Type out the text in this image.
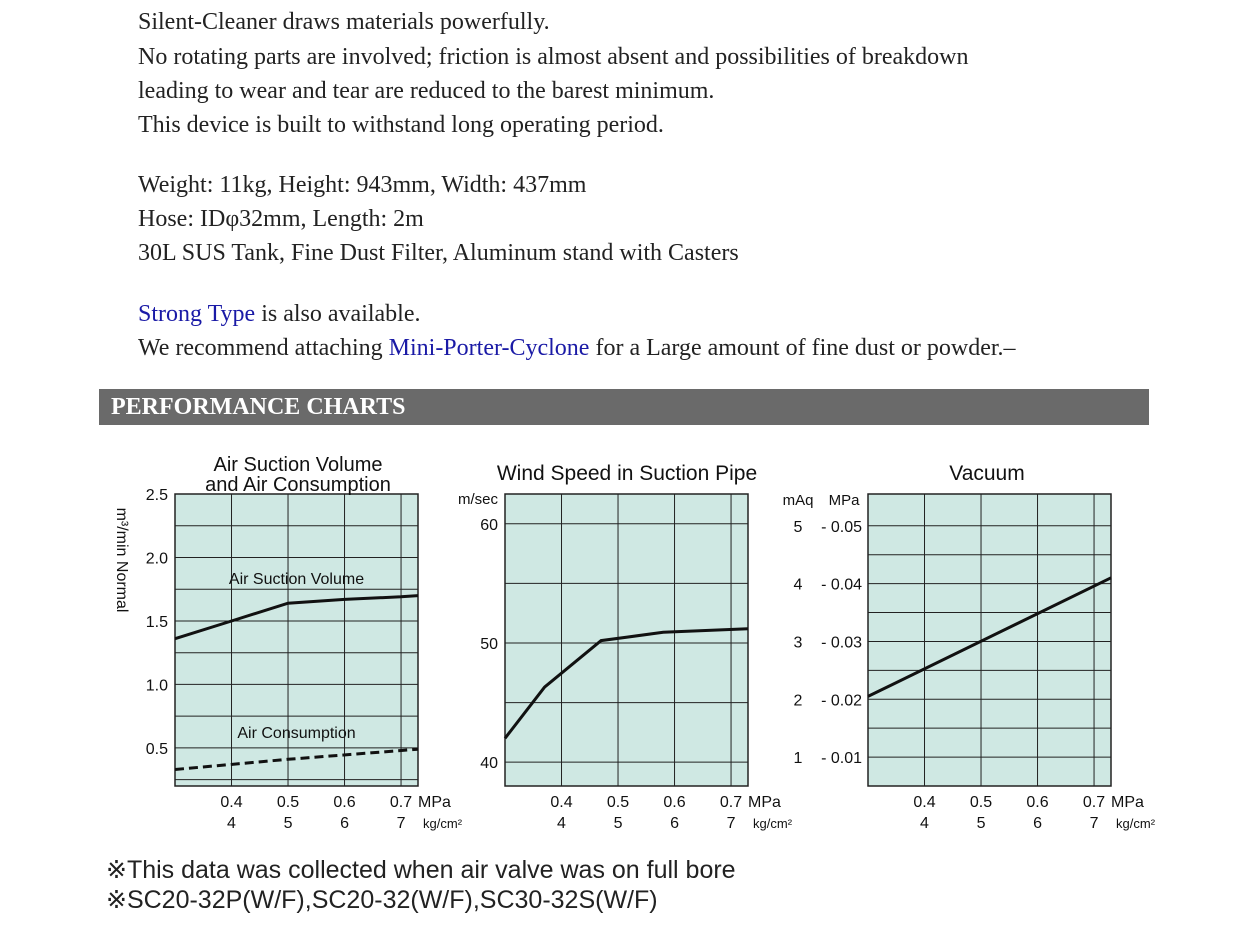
Silent-Cleaner draws materials powerfully.
No rotating parts are involved; friction is almost absent and possibilities of breakdown
leading to wear and tear are reduced to the barest minimum.
This device is built to withstand long operating period.
Weight: 11kg, Height: 943mm, Width: 437mm
Hose: IDφ32mm, Length: 2m
30L SUS Tank, Fine Dust Filter, Aluminum stand with Casters
Strong Type is also available.
We recommend attaching Mini-Porter-Cyclone for a Large amount of fine dust or powder.–
PERFORMANCE CHARTS
0.4
4
0.5
5
0.6
6
0.7
7
MPa
kg/cm²
2.5
2.0
1.5
1.0
0.5
Air Suction Volume
and Air Consumption
m³/min Normal	Air Suction Volume
Air Consumption
0.4
4
0.5
5
0.6
6
0.7
7
MPa
kg/cm²
60
50
40
Wind Speed in Suction Pipe
m/sec
0.4
4
0.5
5
0.6
6
0.7
7
MPa
kg/cm²
5 - 0.05
4 - 0.04
3 - 0.03
2 - 0.02
1 - 0.01
Vacuum
mAq MPa
※This data was collected when air valve was on full bore
※SC20-32P(W/F),SC20-32(W/F),SC30-32S(W/F)
